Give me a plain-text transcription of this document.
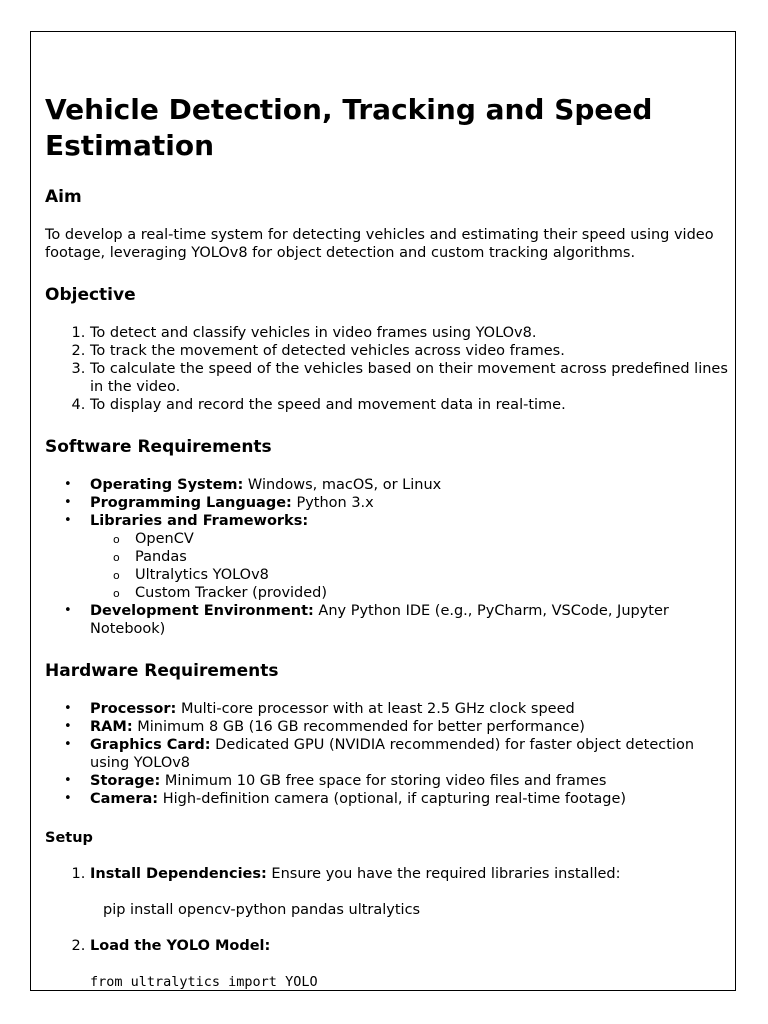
Vehicle Detection, Tracking and Speed Estimation
Aim

To develop a real-time system for detecting vehicles and estimating their speed using video footage, leveraging YOLOv8 for object detection and custom tracking algorithms.

Objective
1. To detect and classify vehicles in video frames using YOLOv8.
2. To track the movement of detected vehicles across video frames.
3. To calculate the speed of the vehicles based on their movement across predefined lines in the video.
4. To display and record the speed and movement data in real-time.
Software Requirements
• Operating System: Windows, macOS, or Linux
• Programming Language: Python 3.x
• Libraries and Frameworks:
o OpenCV
o Pandas
o Ultralytics YOLOv8
o Custom Tracker (provided)
• Development Environment: Any Python IDE (e.g., PyCharm, VSCode, Jupyter Notebook)
Hardware Requirements
• Processor: Multi-core processor with at least 2.5 GHz clock speed
• RAM: Minimum 8 GB (16 GB recommended for better performance)
• Graphics Card: Dedicated GPU (NVIDIA recommended) for faster object detection using YOLOv8
• Storage: Minimum 10 GB free space for storing video files and frames
• Camera: High-definition camera (optional, if capturing real-time footage)
Setup
1. Install Dependencies: Ensure you have the required libraries installed:
pip install opencv-python pandas ultralytics
2. Load the YOLO Model:
from ultralytics import YOLO
